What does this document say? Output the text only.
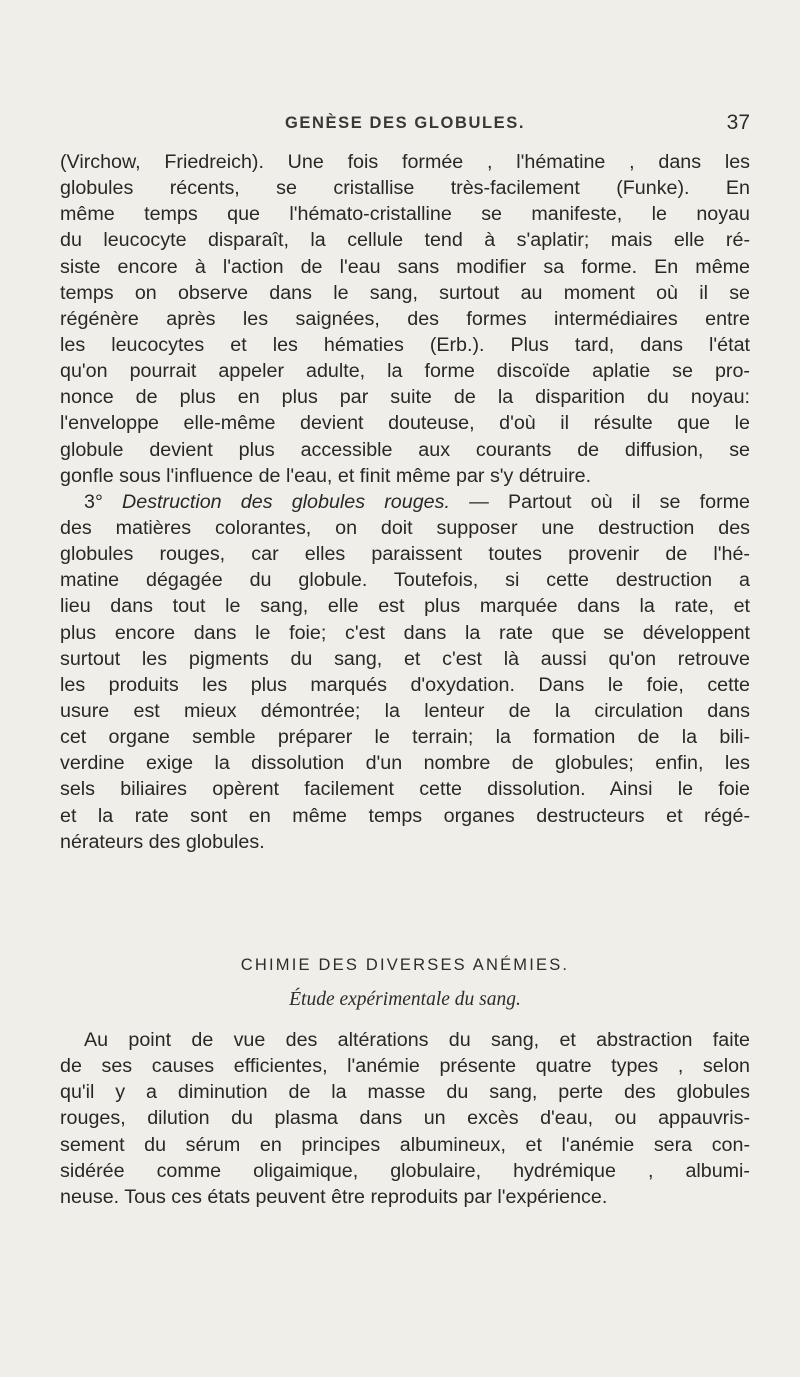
GENÈSE DES GLOBULES.	37
(Virchow, Friedreich). Une fois formée , l'hématine , dans les
globules récents, se cristallise très-facilement (Funke). En
même temps que l'hémato-cristalline se manifeste, le noyau
du leucocyte disparaît, la cellule tend à s'aplatir; mais elle ré-
siste encore à l'action de l'eau sans modifier sa forme. En même
temps on observe dans le sang, surtout au moment où il se
régénère après les saignées, des formes intermédiaires entre
les leucocytes et les hématies (Erb.). Plus tard, dans l'état
qu'on pourrait appeler adulte, la forme discoïde aplatie se pro-
nonce de plus en plus par suite de la disparition du noyau:
l'enveloppe elle-même devient douteuse, d'où il résulte que le
globule devient plus accessible aux courants de diffusion, se
gonfle sous l'influence de l'eau, et finit même par s'y détruire.
3° Destruction des globules rouges. — Partout où il se forme
des matières colorantes, on doit supposer une destruction des
globules rouges, car elles paraissent toutes provenir de l'hé-
matine dégagée du globule. Toutefois, si cette destruction a
lieu dans tout le sang, elle est plus marquée dans la rate, et
plus encore dans le foie; c'est dans la rate que se développent
surtout les pigments du sang, et c'est là aussi qu'on retrouve
les produits les plus marqués d'oxydation. Dans le foie, cette
usure est mieux démontrée; la lenteur de la circulation dans
cet organe semble préparer le terrain; la formation de la bili-
verdine exige la dissolution d'un nombre de globules; enfin, les
sels biliaires opèrent facilement cette dissolution. Ainsi le foie
et la rate sont en même temps organes destructeurs et régé-
nérateurs des globules.
CHIMIE DES DIVERSES ANÉMIES.
Étude expérimentale du sang.
Au point de vue des altérations du sang, et abstraction faite
de ses causes efficientes, l'anémie présente quatre types , selon
qu'il y a diminution de la masse du sang, perte des globules
rouges, dilution du plasma dans un excès d'eau, ou appauvris-
sement du sérum en principes albumineux, et l'anémie sera con-
sidérée comme oligaimique, globulaire, hydrémique , albumi-
neuse. Tous ces états peuvent être reproduits par l'expérience.
